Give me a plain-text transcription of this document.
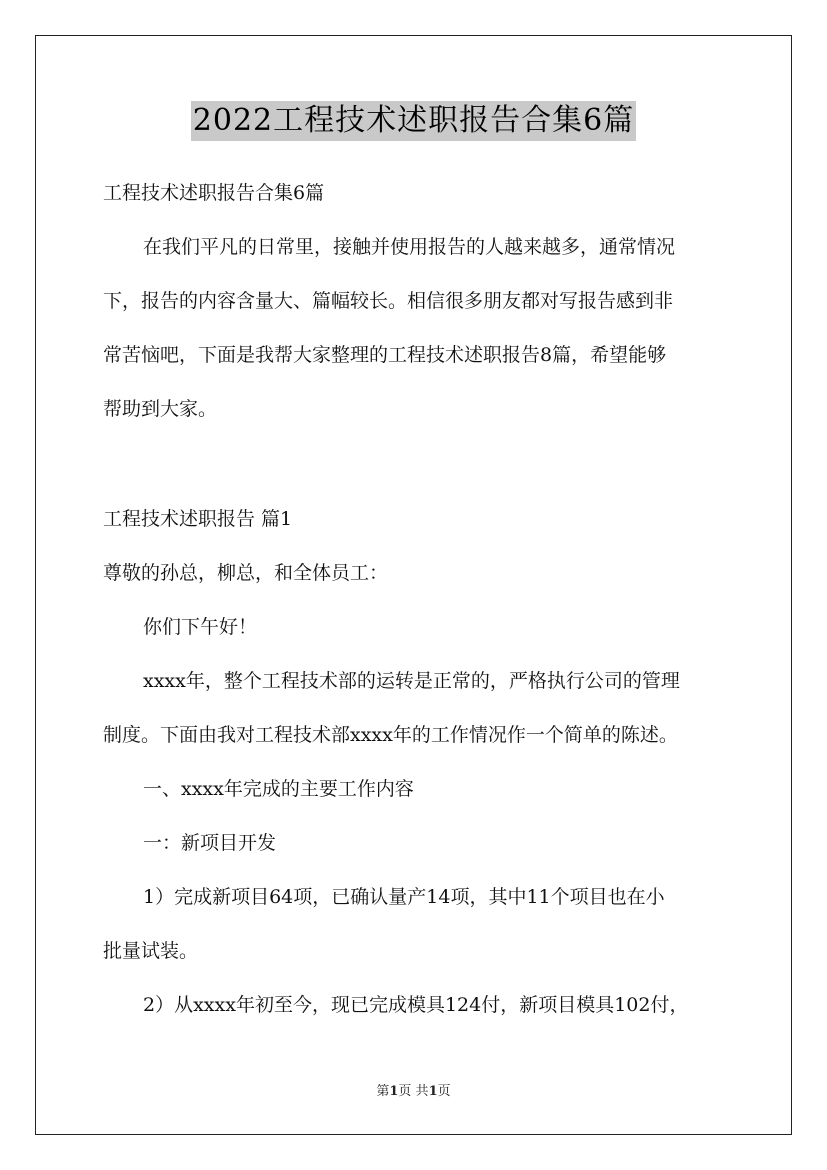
2022工程技术述职报告合集6篇
工程技术述职报告合集6篇
在我们平凡的日常里，接触并使用报告的人越来越多，通常情况
下，报告的内容含量大、篇幅较长。相信很多朋友都对写报告感到非
常苦恼吧，下面是我帮大家整理的工程技术述职报告8篇，希望能够
帮助到大家。
工程技术述职报告 篇1
尊敬的孙总，柳总，和全体员工：
你们下午好！
xxxx年，整个工程技术部的运转是正常的，严格执行公司的管理
制度。下面由我对工程技术部xxxx年的工作情况作一个简单的陈述。
一、xxxx年完成的主要工作内容
一：新项目开发
1）完成新项目64项，已确认量产14项，其中11个项目也在小
批量试装。
2）从xxxx年初至今，现已完成模具124付，新项目模具102付，
第1页 共1页
